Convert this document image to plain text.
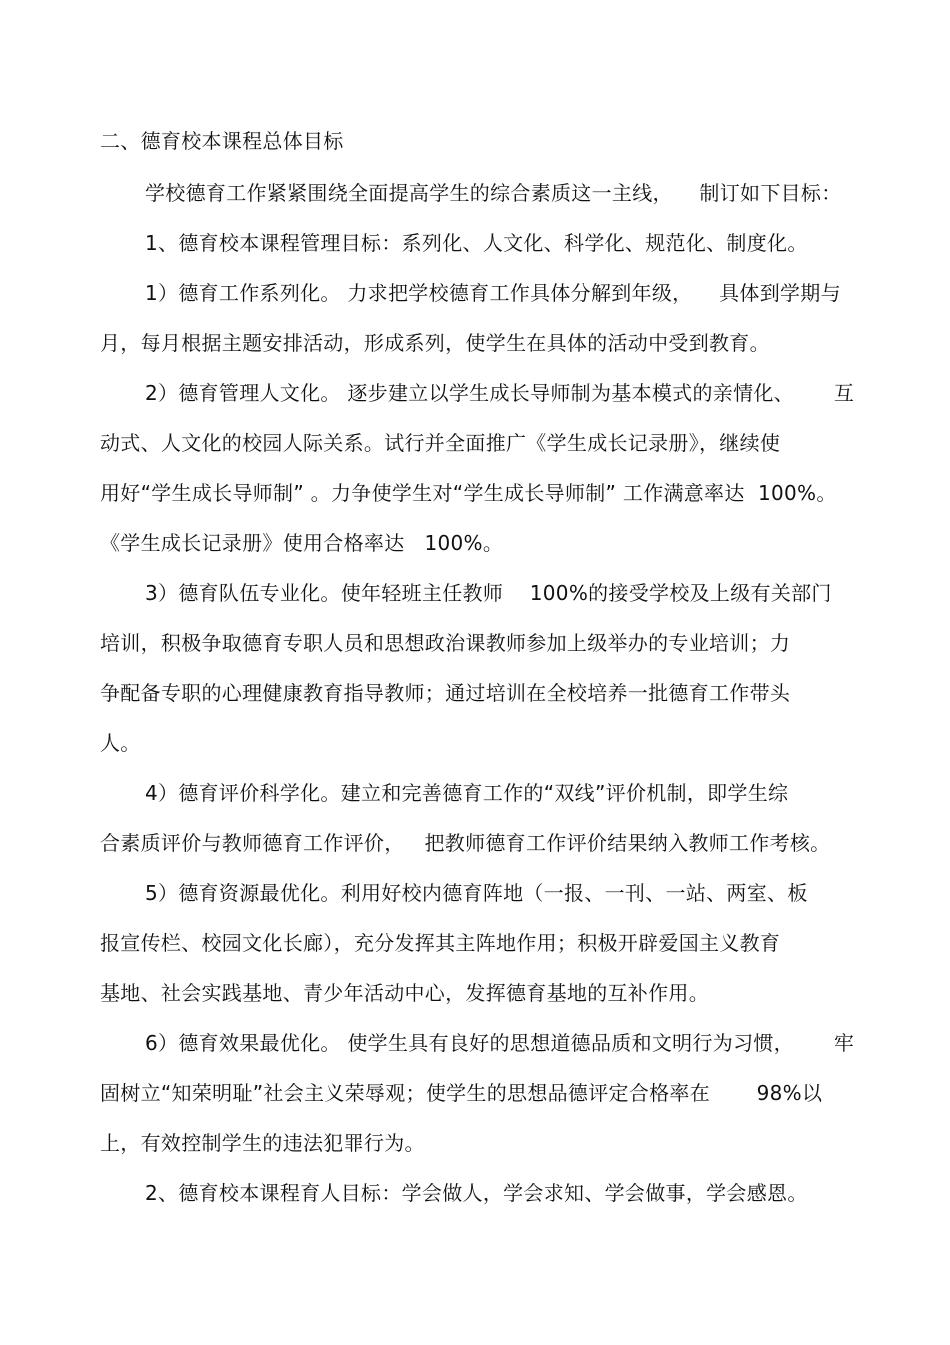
二、德育校本课程总体目标
学校德育工作紧紧围绕全面提高学生的综合素质这一主线，    制订如下目标：
1、德育校本课程管理目标：系列化、人文化、科学化、规范化、制度化。
1）德育工作系列化。 力求把学校德育工作具体分解到年级，    具体到学期与
月，每月根据主题安排活动，形成系列，使学生在具体的活动中受到教育。
2）德育管理人文化。 逐步建立以学生成长导师制为基本模式的亲情化、      互
动式、人文化的校园人际关系。试行并全面推广《学生成长记录册》，继续使
用好“学生成长导师制” 。力争使学生对“学生成长导师制” 工作满意率达  100%。
《学生成长记录册》使用合格率达   100%。
3）德育队伍专业化。使年轻班主任教师    100%的接受学校及上级有关部门
培训，积极争取德育专职人员和思想政治课教师参加上级举办的专业培训；力
争配备专职的心理健康教育指导教师；通过培训在全校培养一批德育工作带头
人。
4）德育评价科学化。建立和完善德育工作的“双线”评价机制，即学生综
合素质评价与教师德育工作评价，   把教师德育工作评价结果纳入教师工作考核。
5）德育资源最优化。利用好校内德育阵地（一报、一刊、一站、两室、板
报宣传栏、校园文化长廊），充分发挥其主阵地作用；积极开辟爱国主义教育
基地、社会实践基地、青少年活动中心，发挥德育基地的互补作用。
6）德育效果最优化。 使学生具有良好的思想道德品质和文明行为习惯，      牢
固树立“知荣明耻”社会主义荣辱观；使学生的思想品德评定合格率在       98%以
上，有效控制学生的违法犯罪行为。
2、德育校本课程育人目标：学会做人，学会求知、学会做事，学会感恩。
